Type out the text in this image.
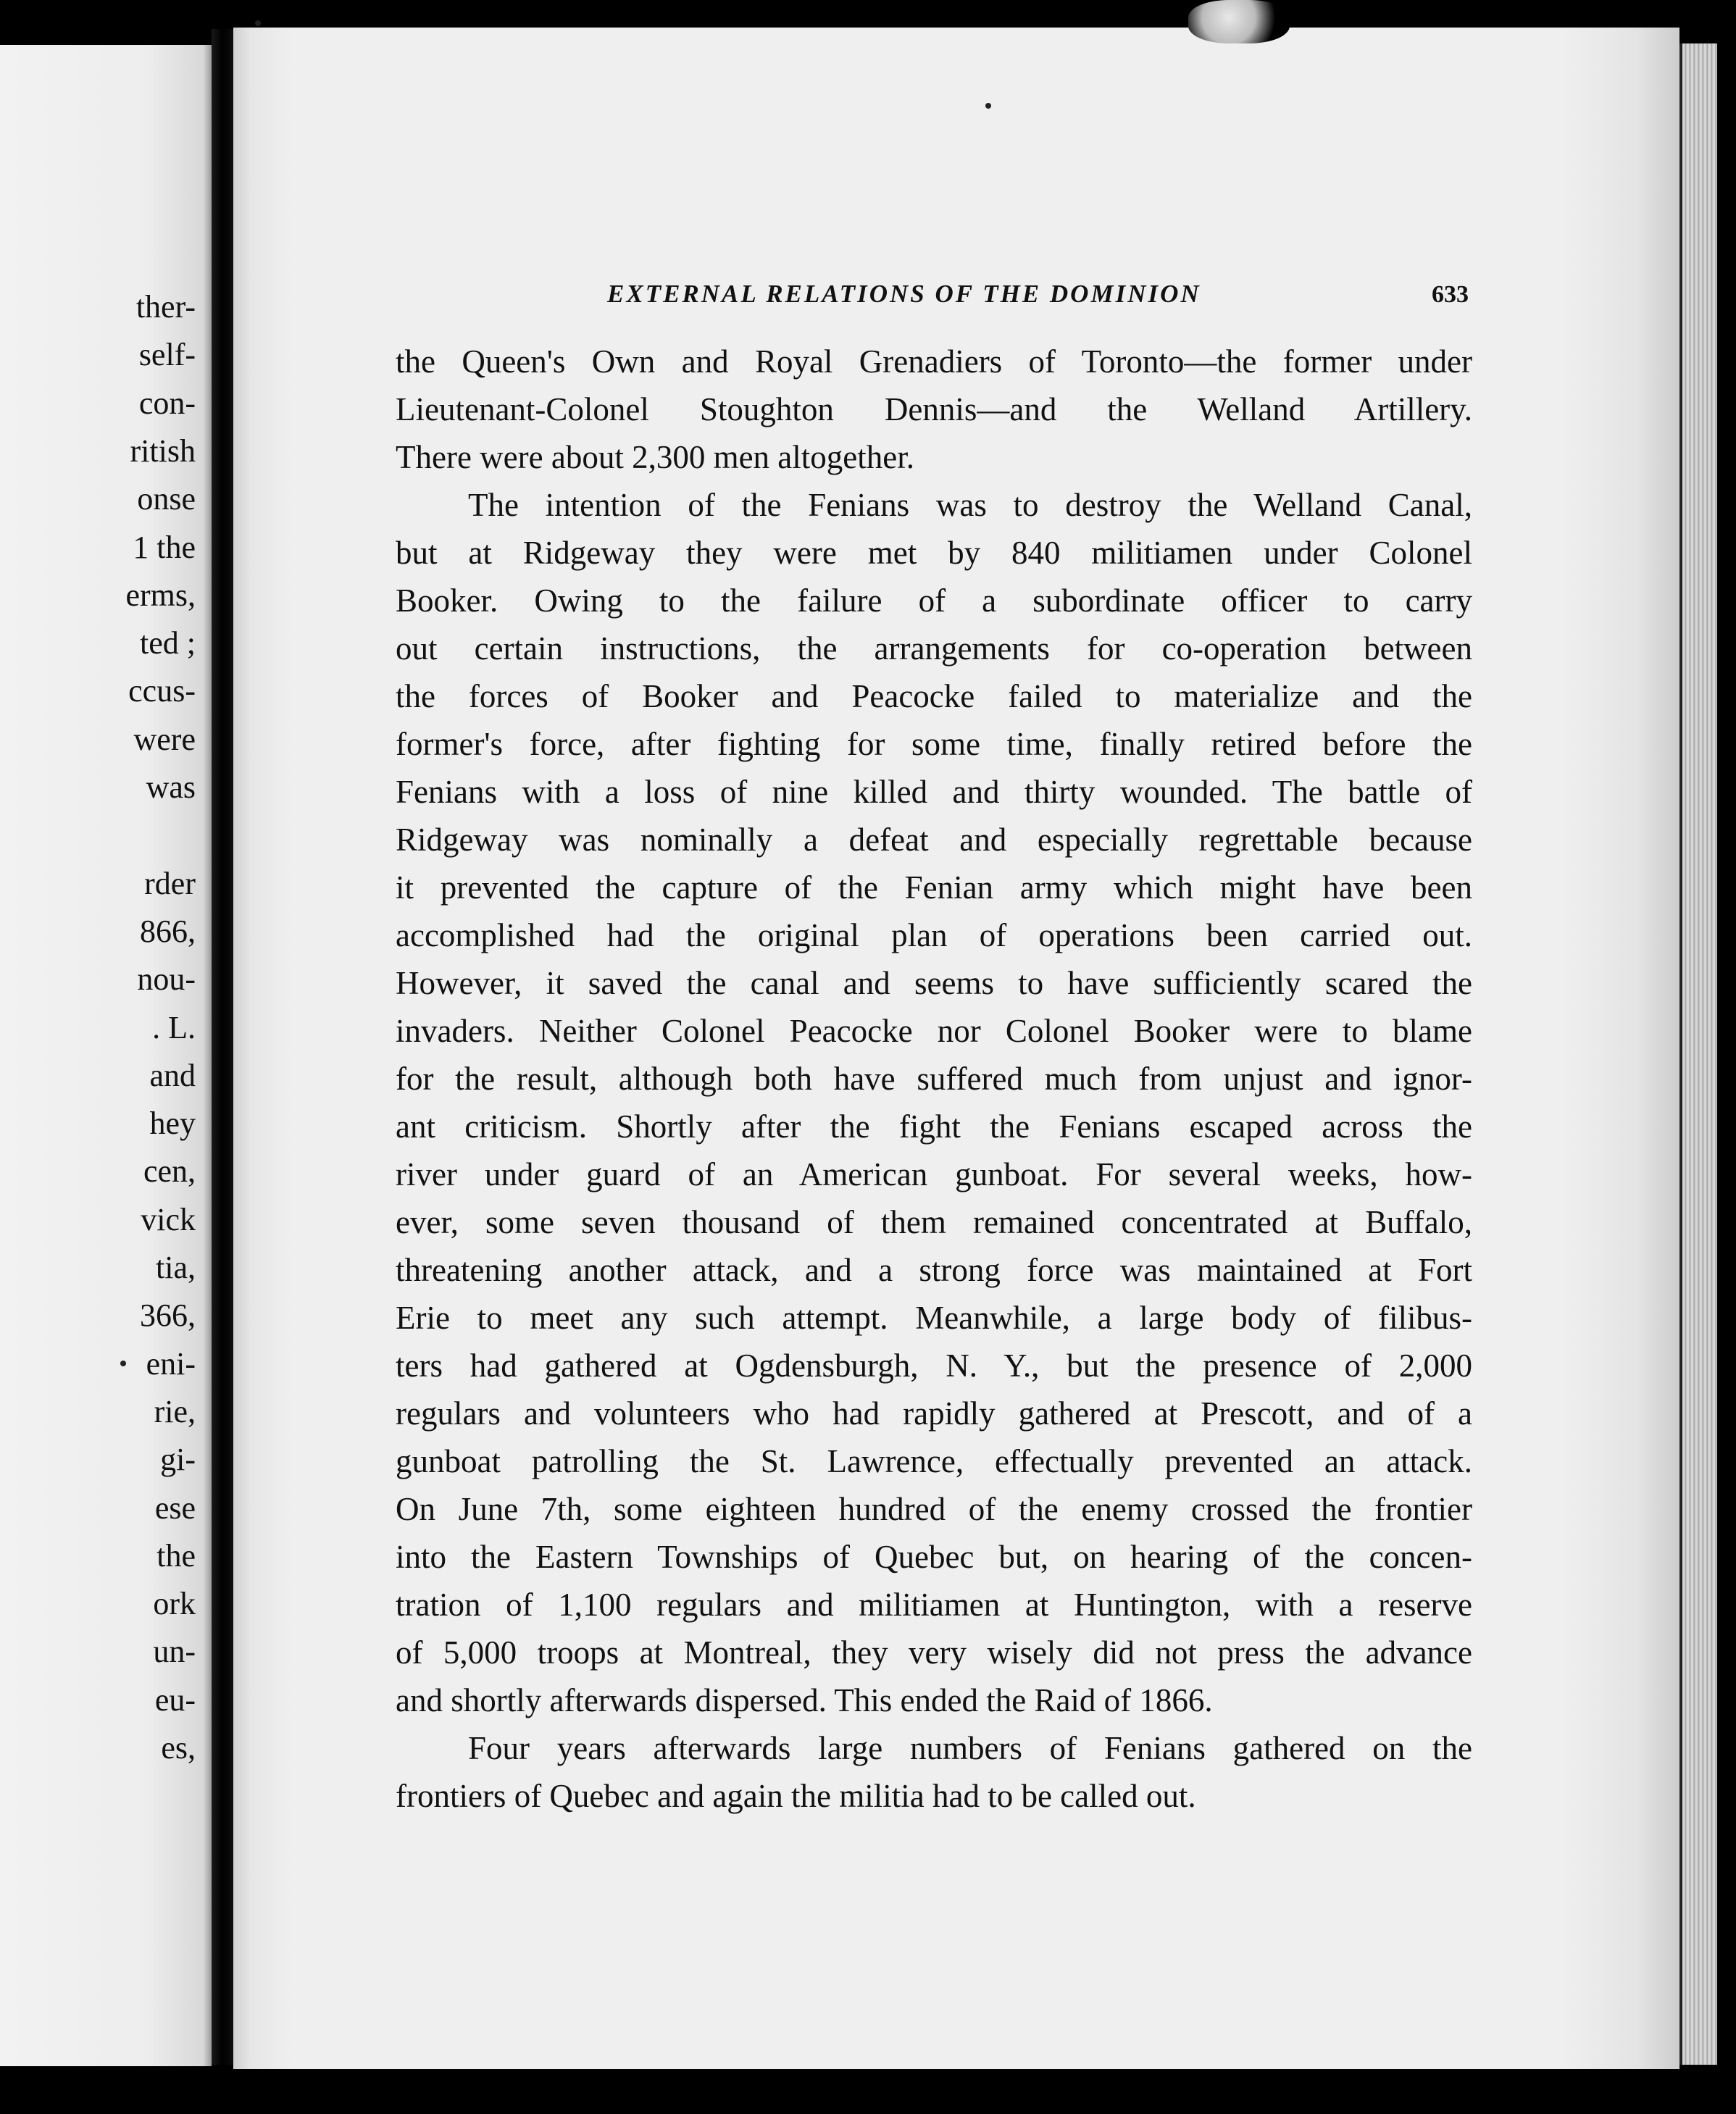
ther-
self-
con-
ritish
onse
1 the
erms,
ted ;
ccus-
were
was
rder
866,
nou-
. L.
and
hey
cen,
vick
tia,
366,
eni-
rie,
gi-
ese
the
ork
un-
eu-
es,
EXTERNAL RELATIONS OF THE DOMINION	633
the Queen's Own and Royal Grenadiers of Toronto—the former under
Lieutenant-Colonel Stoughton Dennis—and the Welland Artillery.
There were about 2,300 men altogether.
The intention of the Fenians was to destroy the Welland Canal,
but at Ridgeway they were met by 840 militiamen under Colonel
Booker. Owing to the failure of a subordinate officer to carry
out certain instructions, the arrangements for co-operation between
the forces of Booker and Peacocke failed to materialize and the
former's force, after fighting for some time, finally retired before the
Fenians with a loss of nine killed and thirty wounded. The battle of
Ridgeway was nominally a defeat and especially regrettable because
it prevented the capture of the Fenian army which might have been
accomplished had the original plan of operations been carried out.
However, it saved the canal and seems to have sufficiently scared the
invaders. Neither Colonel Peacocke nor Colonel Booker were to blame
for the result, although both have suffered much from unjust and ignor-
ant criticism. Shortly after the fight the Fenians escaped across the
river under guard of an American gunboat. For several weeks, how-
ever, some seven thousand of them remained concentrated at Buffalo,
threatening another attack, and a strong force was maintained at Fort
Erie to meet any such attempt. Meanwhile, a large body of filibus-
ters had gathered at Ogdensburgh, N. Y., but the presence of 2,000
regulars and volunteers who had rapidly gathered at Prescott, and of a
gunboat patrolling the St. Lawrence, effectually prevented an attack.
On June 7th, some eighteen hundred of the enemy crossed the frontier
into the Eastern Townships of Quebec but, on hearing of the concen-
tration of 1,100 regulars and militiamen at Huntington, with a reserve
of 5,000 troops at Montreal, they very wisely did not press the advance
and shortly afterwards dispersed. This ended the Raid of 1866.
Four years afterwards large numbers of Fenians gathered on the
frontiers of Quebec and again the militia had to be called out.
